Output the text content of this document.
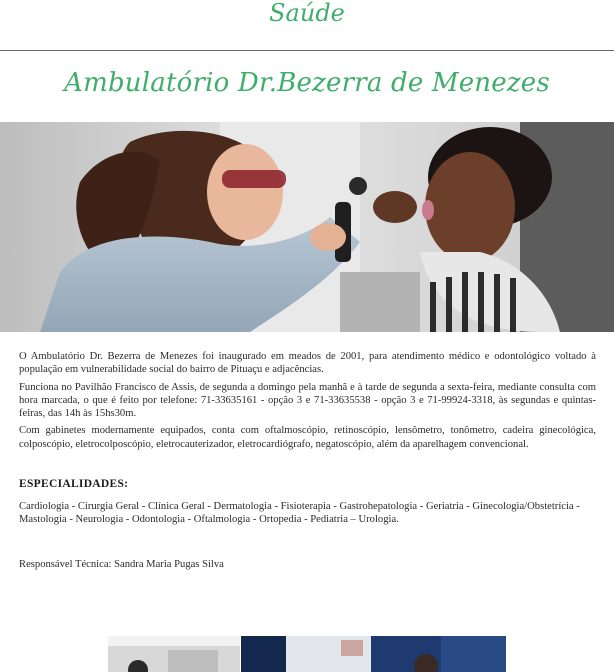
Saúde
Ambulatório Dr.Bezerra de Menezes

O Ambulatório Dr. Bezerra de Menezes foi inaugurado em meados de 2001, para atendimento médico e odontológico voltado à população em vulnerabilidade social do bairro de Pituaçu e adjacências.

Funciona no Pavilhão Francisco de Assis, de segunda a domingo pela manhã e à tarde de segunda a sexta-feira, mediante consulta com hora marcada, o que é feito por telefone: 71-33635161 - opção 3 e 71-33635538 - opção 3 e 71-99924-3318, às segundas e quintas-feiras, das 14h às 15hs30m.

Com gabinetes modernamente equipados, conta com oftalmoscópio, retinoscópio, lensômetro, tonômetro, cadeira ginecológica, colposcópio, eletrocolposcópio, eletrocauterizador, eletrocardiógrafo, negatoscópio, além da aparelhagem convencional.

ESPECIALIDADES:
Cardiologia - Cirurgia Geral - Clínica Geral - Dermatologia - Fisioterapia - Gastrohepatologia - Geriatria - Ginecologia/Obstetrícia - Mastologia - Neurologia - Odontologia - Oftalmologia - Ortopedia - Pediatria – Urologia.
Responsável Técnica: Sandra Maria Pugas Silva
